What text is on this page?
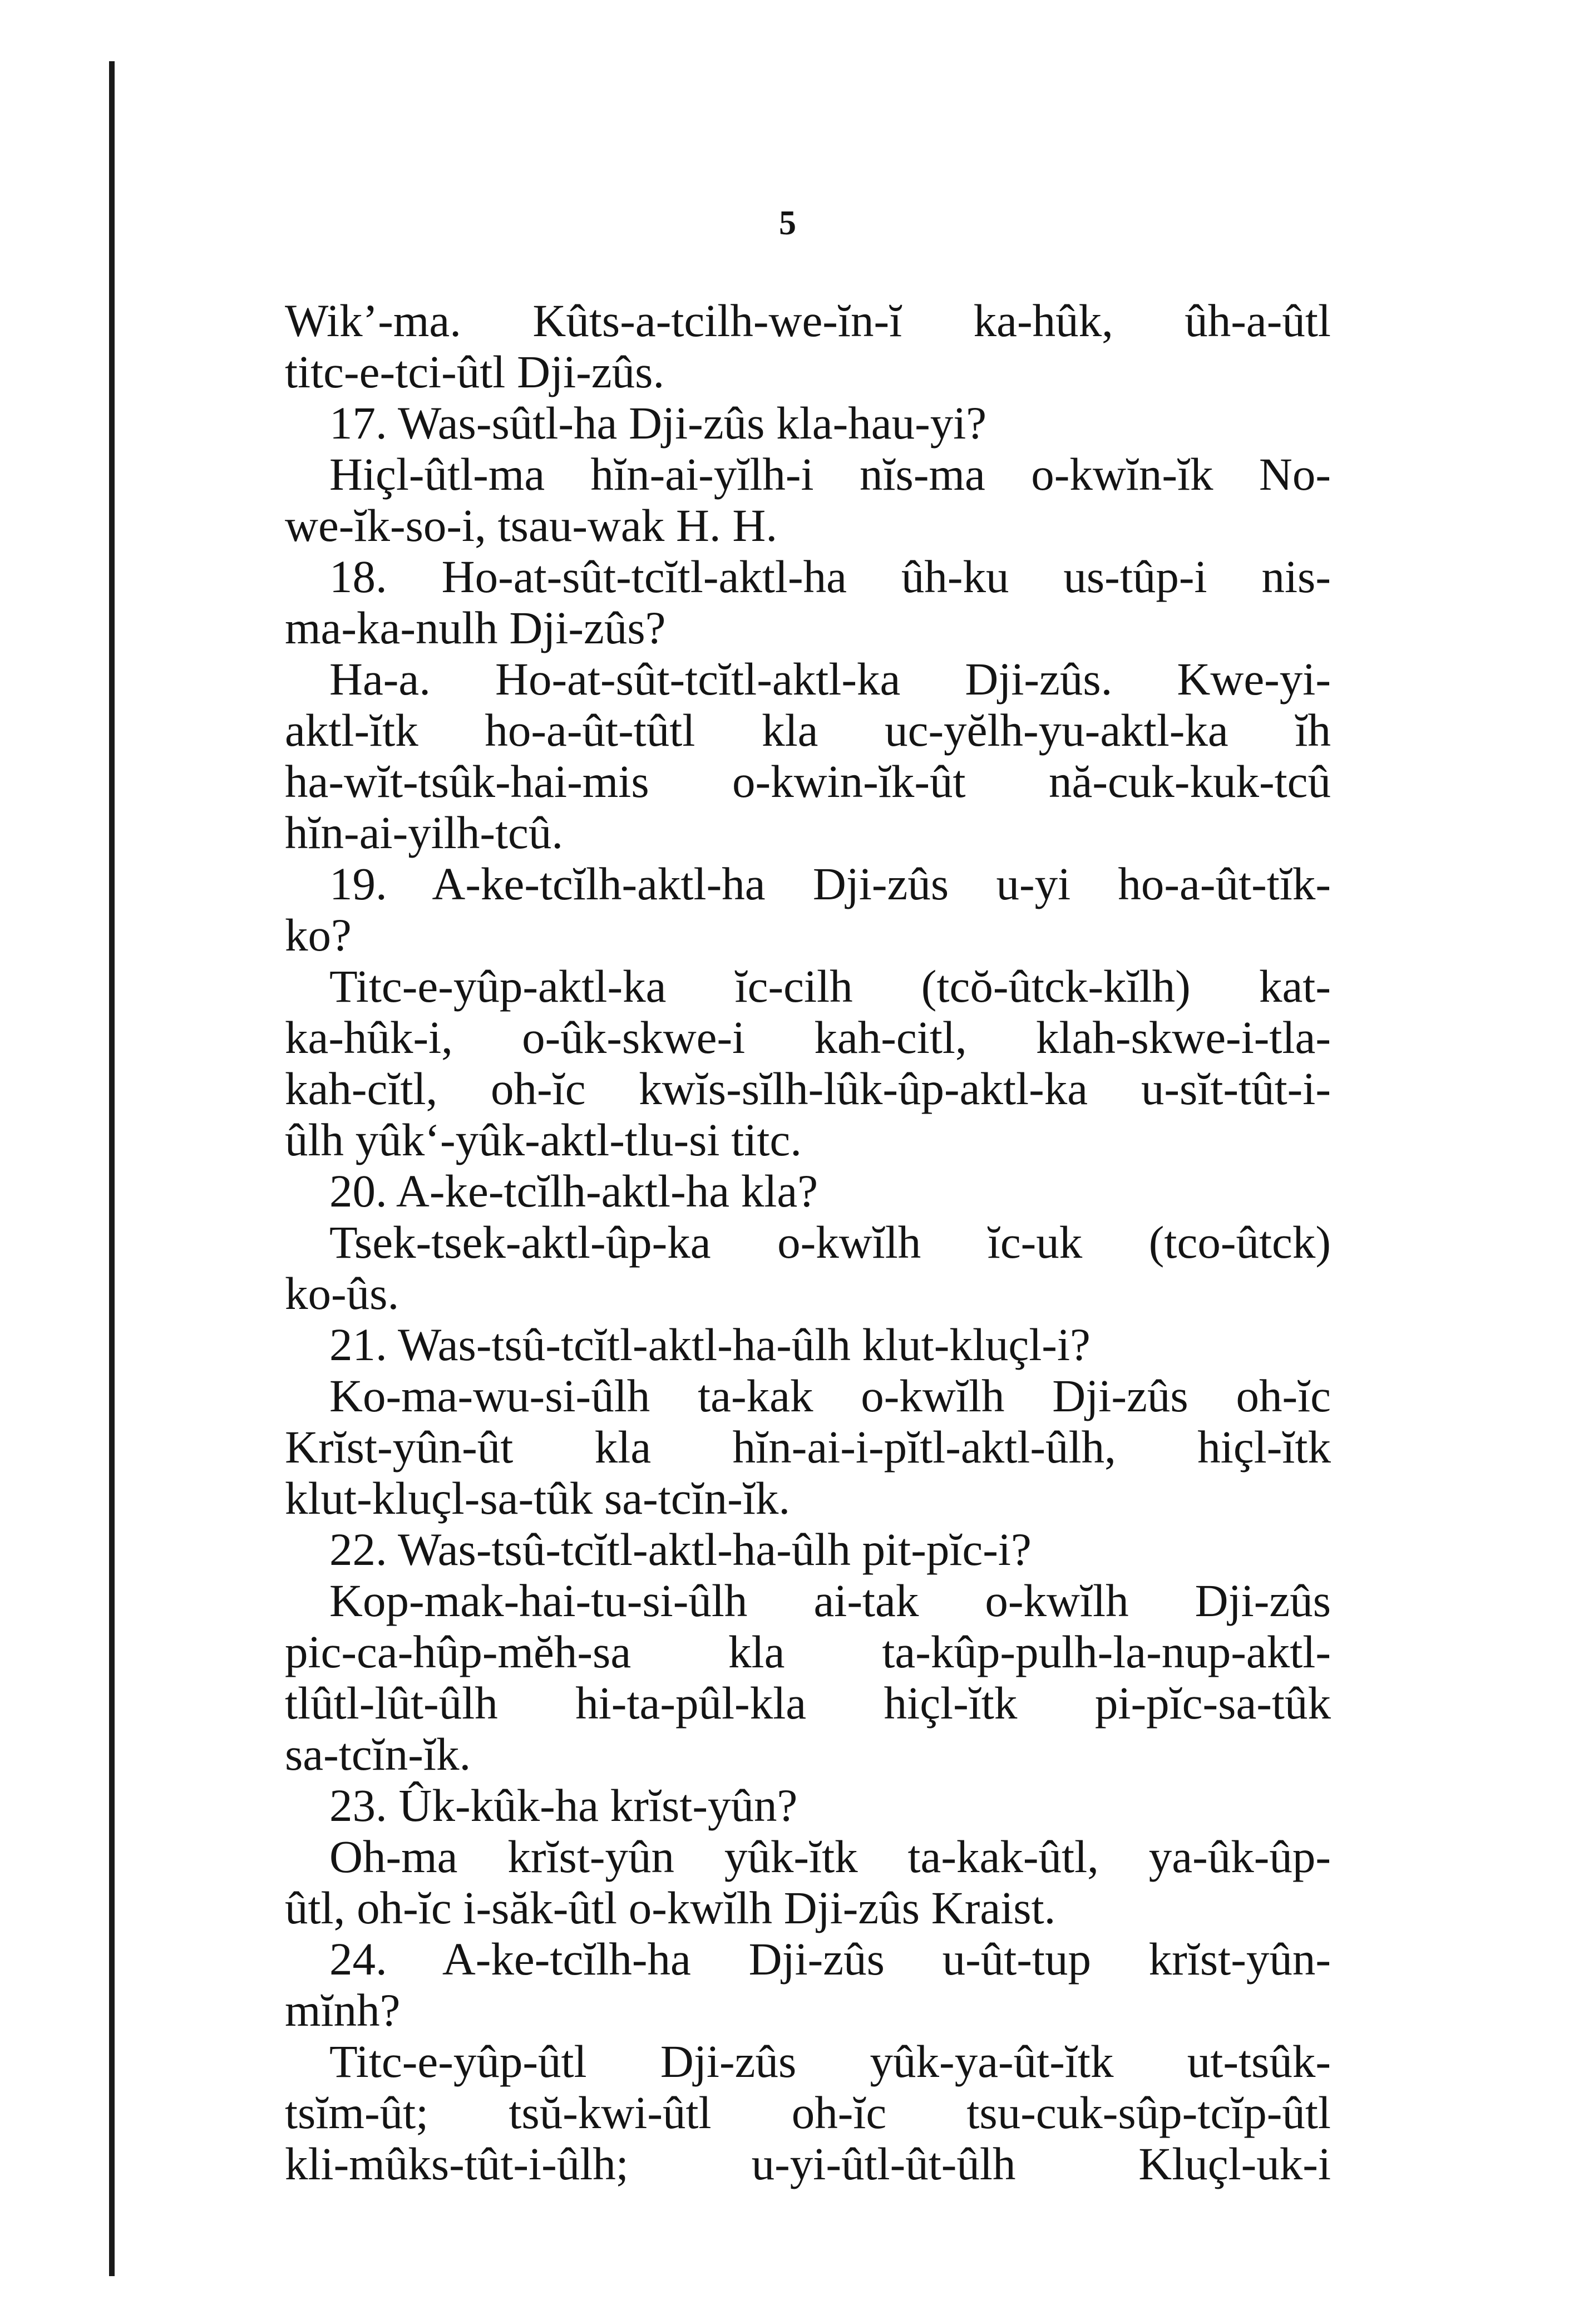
5
Wik’-ma. Kûts-a-tcilh-we-ĭn-ĭ ka-hûk, ûh-a-ûtl
titc-e-tci-ûtl Dji-zûs.
17. Was-sûtl-ha Dji-zûs kla-hau-yi?
Hiçl-ûtl-ma hĭn-ai-yĭlh-i nĭs-ma o-kwĭn-ĭk No-
we-ĭk-so-i, tsau-wak H. H.
18. Ho-at-sût-tcĭtl-aktl-ha ûh-ku us-tûp-i nis-
ma-ka-nulh Dji-zûs?
Ha-a. Ho-at-sût-tcĭtl-aktl-ka Dji-zûs. Kwe-yi-
aktl-ĭtk ho-a-ût-tûtl kla uc-yĕlh-yu-aktl-ka ĭh
ha-wĭt-tsûk-hai-mis o-kwin-ĭk-ût nă-cuk-kuk-tcû
hĭn-ai-yilh-tcû.
19. A-ke-tcĭlh-aktl-ha Dji-zûs u-yi ho-a-ût-tĭk-
ko?
Titc-e-yûp-aktl-ka ĭc-cilh (tcŏ-ûtck-kĭlh) kat-
ka-hûk-i, o-ûk-skwe-i kah-citl, klah-skwe-i-tla-
kah-cĭtl, oh-ĭc kwĭs-sĭlh-lûk-ûp-aktl-ka u-sĭt-tût-i-
ûlh yûk‘-yûk-aktl-tlu-si titc.
20. A-ke-tcĭlh-aktl-ha kla?
Tsek-tsek-aktl-ûp-ka o-kwĭlh ĭc-uk (tco-ûtck)
ko-ûs.
21. Was-tsû-tcĭtl-aktl-ha-ûlh klut-kluçl-i?
Ko-ma-wu-si-ûlh ta-kak o-kwĭlh Dji-zûs oh-ĭc
Krĭst-yûn-ût kla hĭn-ai-i-pĭtl-aktl-ûlh, hiçl-ĭtk
klut-kluçl-sa-tûk sa-tcĭn-ĭk.
22. Was-tsû-tcĭtl-aktl-ha-ûlh pit-pĭc-i?
Kop-mak-hai-tu-si-ûlh ai-tak o-kwĭlh Dji-zûs
pic-ca-hûp-mĕh-sa kla ta-kûp-pulh-la-nup-aktl-
tlûtl-lût-ûlh hi-ta-pûl-kla hiçl-ĭtk pi-pĭc-sa-tûk
sa-tcĭn-ĭk.
23. Ûk-kûk-ha krĭst-yûn?
Oh-ma krĭst-yûn yûk-ĭtk ta-kak-ûtl, ya-ûk-ûp-
ûtl, oh-ĭc i-săk-ûtl o-kwĭlh Dji-zûs Kraist.
24. A-ke-tcĭlh-ha Dji-zûs u-ût-tup krĭst-yûn-
mĭnh?
Titc-e-yûp-ûtl Dji-zûs yûk-ya-ût-ĭtk ut-tsûk-
tsĭm-ût; tsŭ-kwi-ûtl oh-ĭc tsu-cuk-sûp-tcĭp-ûtl
kli-mûks-tût-i-ûlh; u-yi-ûtl-ût-ûlh Kluçl-uk-i
